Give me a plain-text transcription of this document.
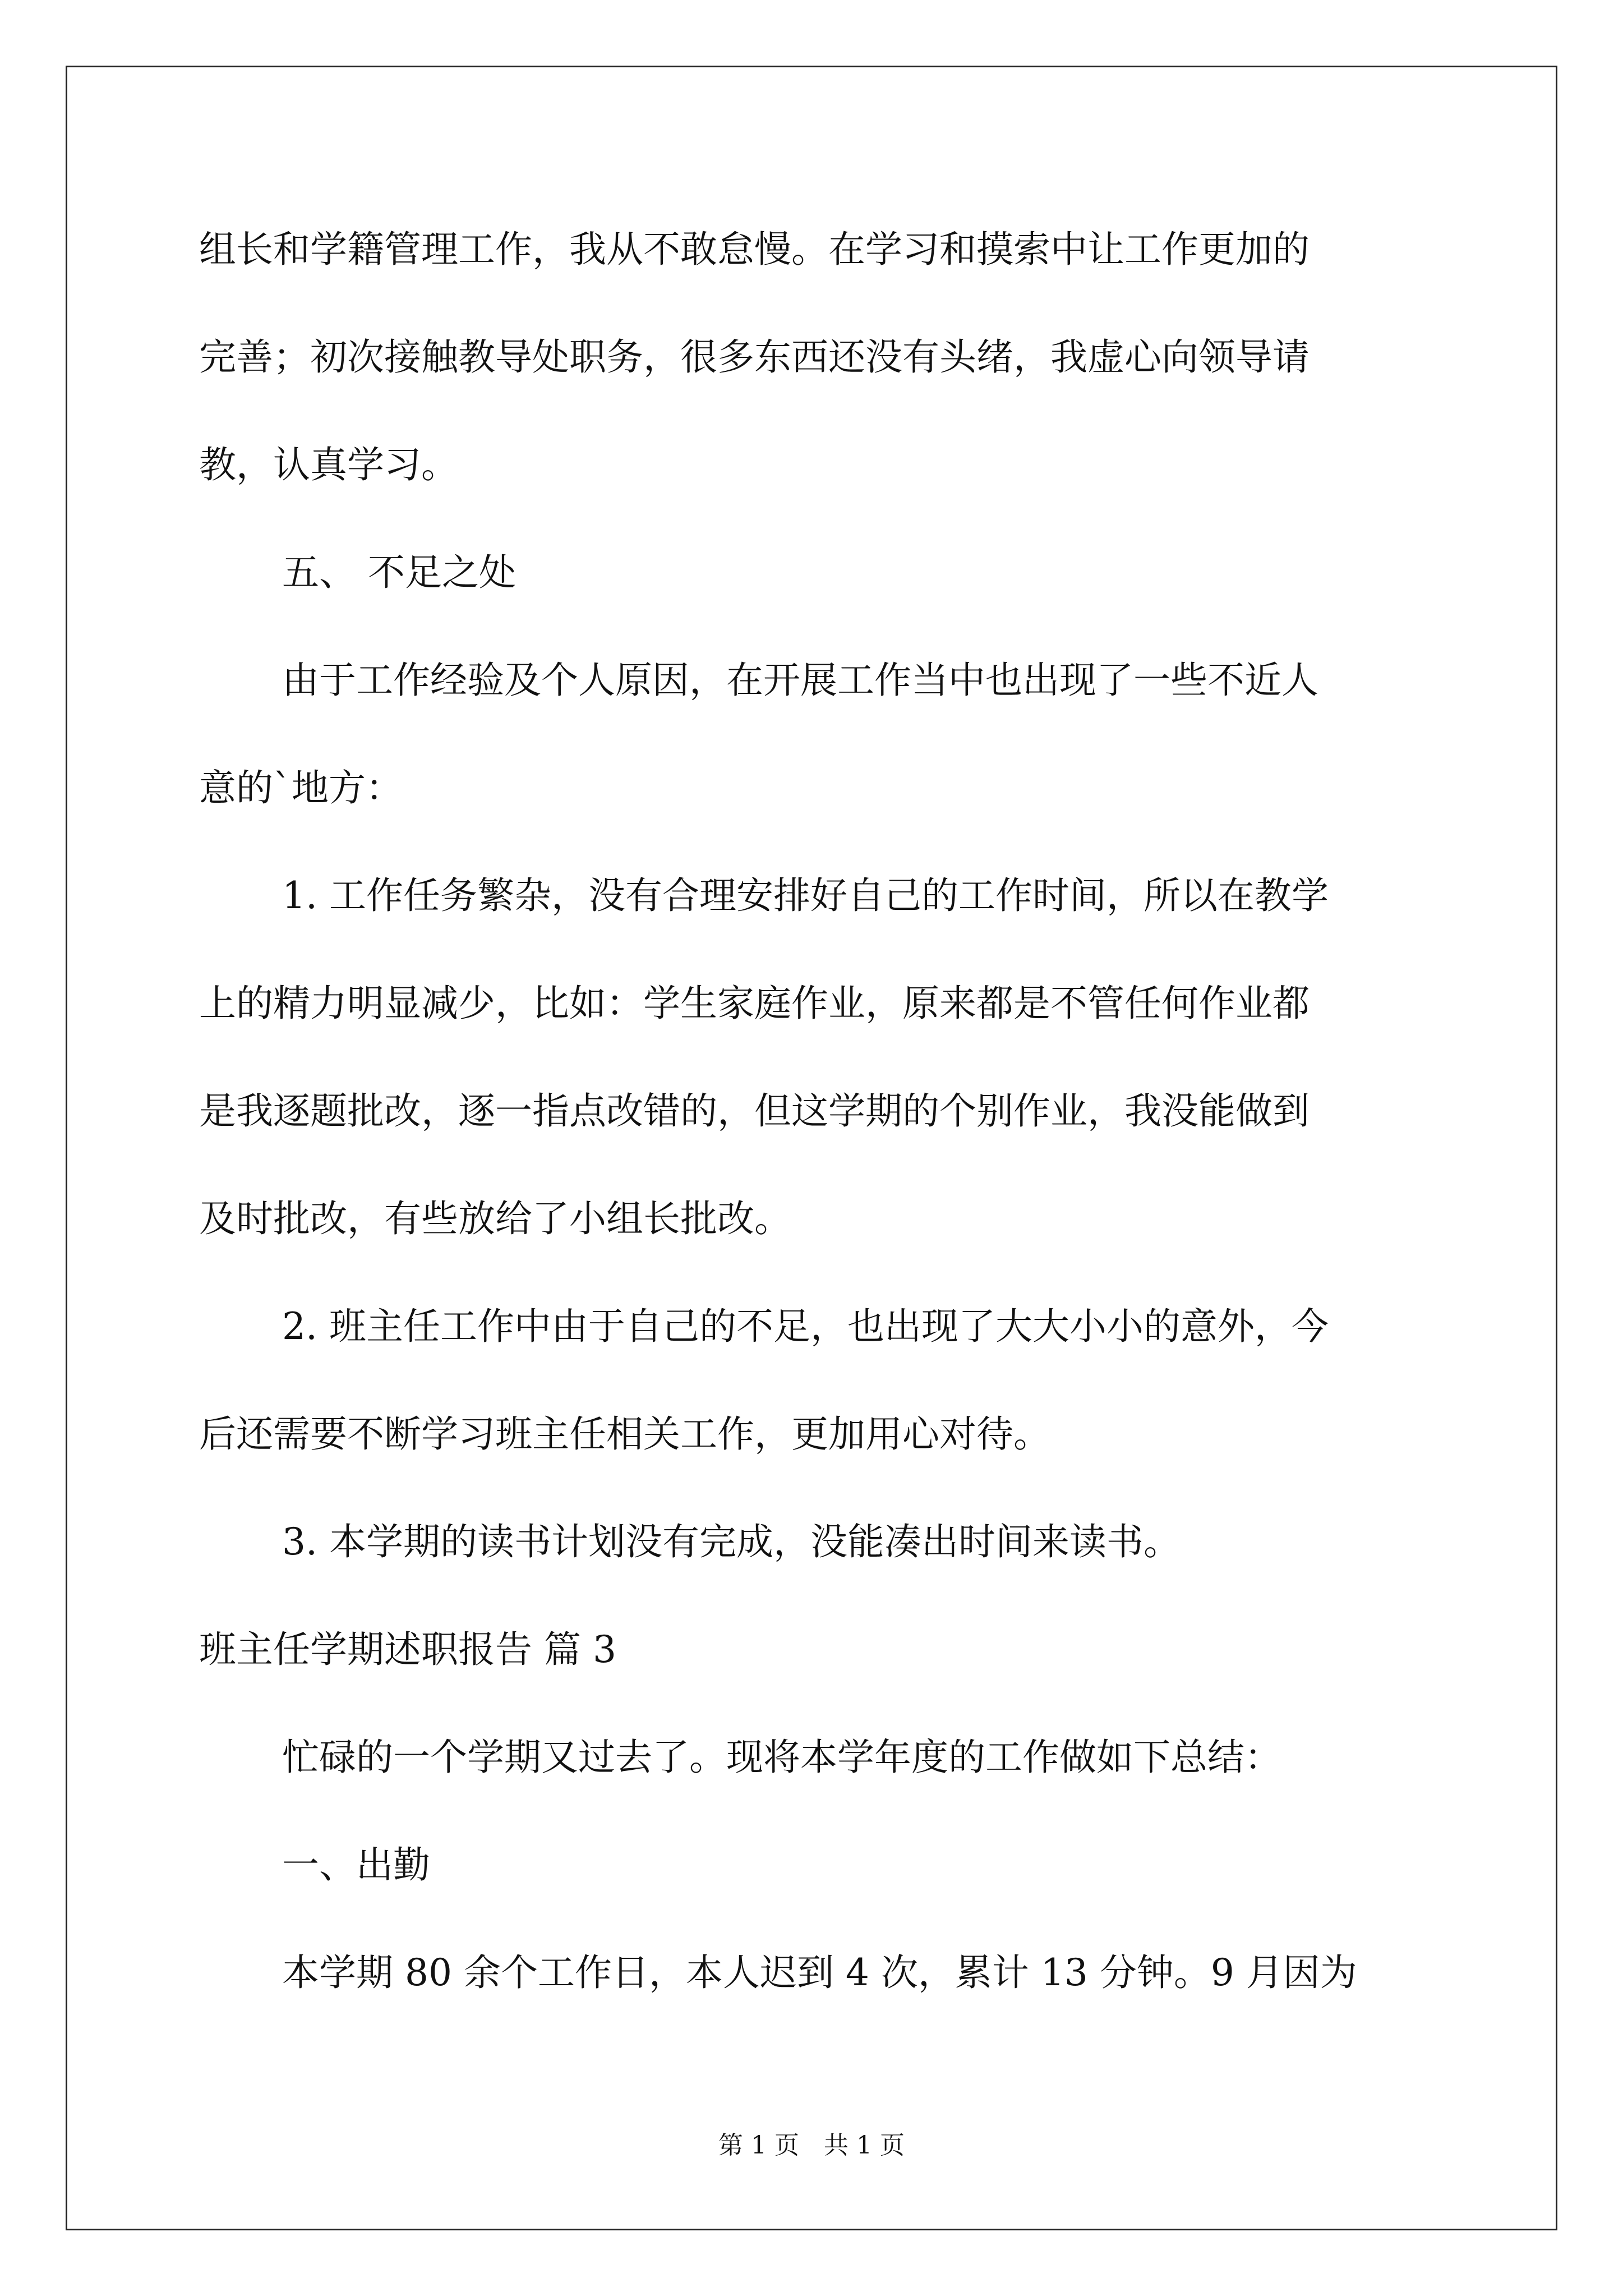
组长和学籍管理工作，我从不敢怠慢。在学习和摸索中让工作更加的
完善；初次接触教导处职务，很多东西还没有头绪，我虚心向领导请
教，认真学习。
五、 不足之处
由于工作经验及个人原因，在开展工作当中也出现了一些不近人
意的`地方：
1. 工作任务繁杂，没有合理安排好自己的工作时间，所以在教学
上的精力明显减少，比如：学生家庭作业，原来都是不管任何作业都
是我逐题批改，逐一指点改错的，但这学期的个别作业，我没能做到
及时批改，有些放给了小组长批改。
2. 班主任工作中由于自己的不足，也出现了大大小小的意外，今
后还需要不断学习班主任相关工作，更加用心对待。
3. 本学期的读书计划没有完成，没能凑出时间来读书。
班主任学期述职报告 篇 3
忙碌的一个学期又过去了。现将本学年度的工作做如下总结：
一、出勤
本学期 80 余个工作日，本人迟到 4 次，累计 13 分钟。9 月因为
第 1 页　共 1 页
